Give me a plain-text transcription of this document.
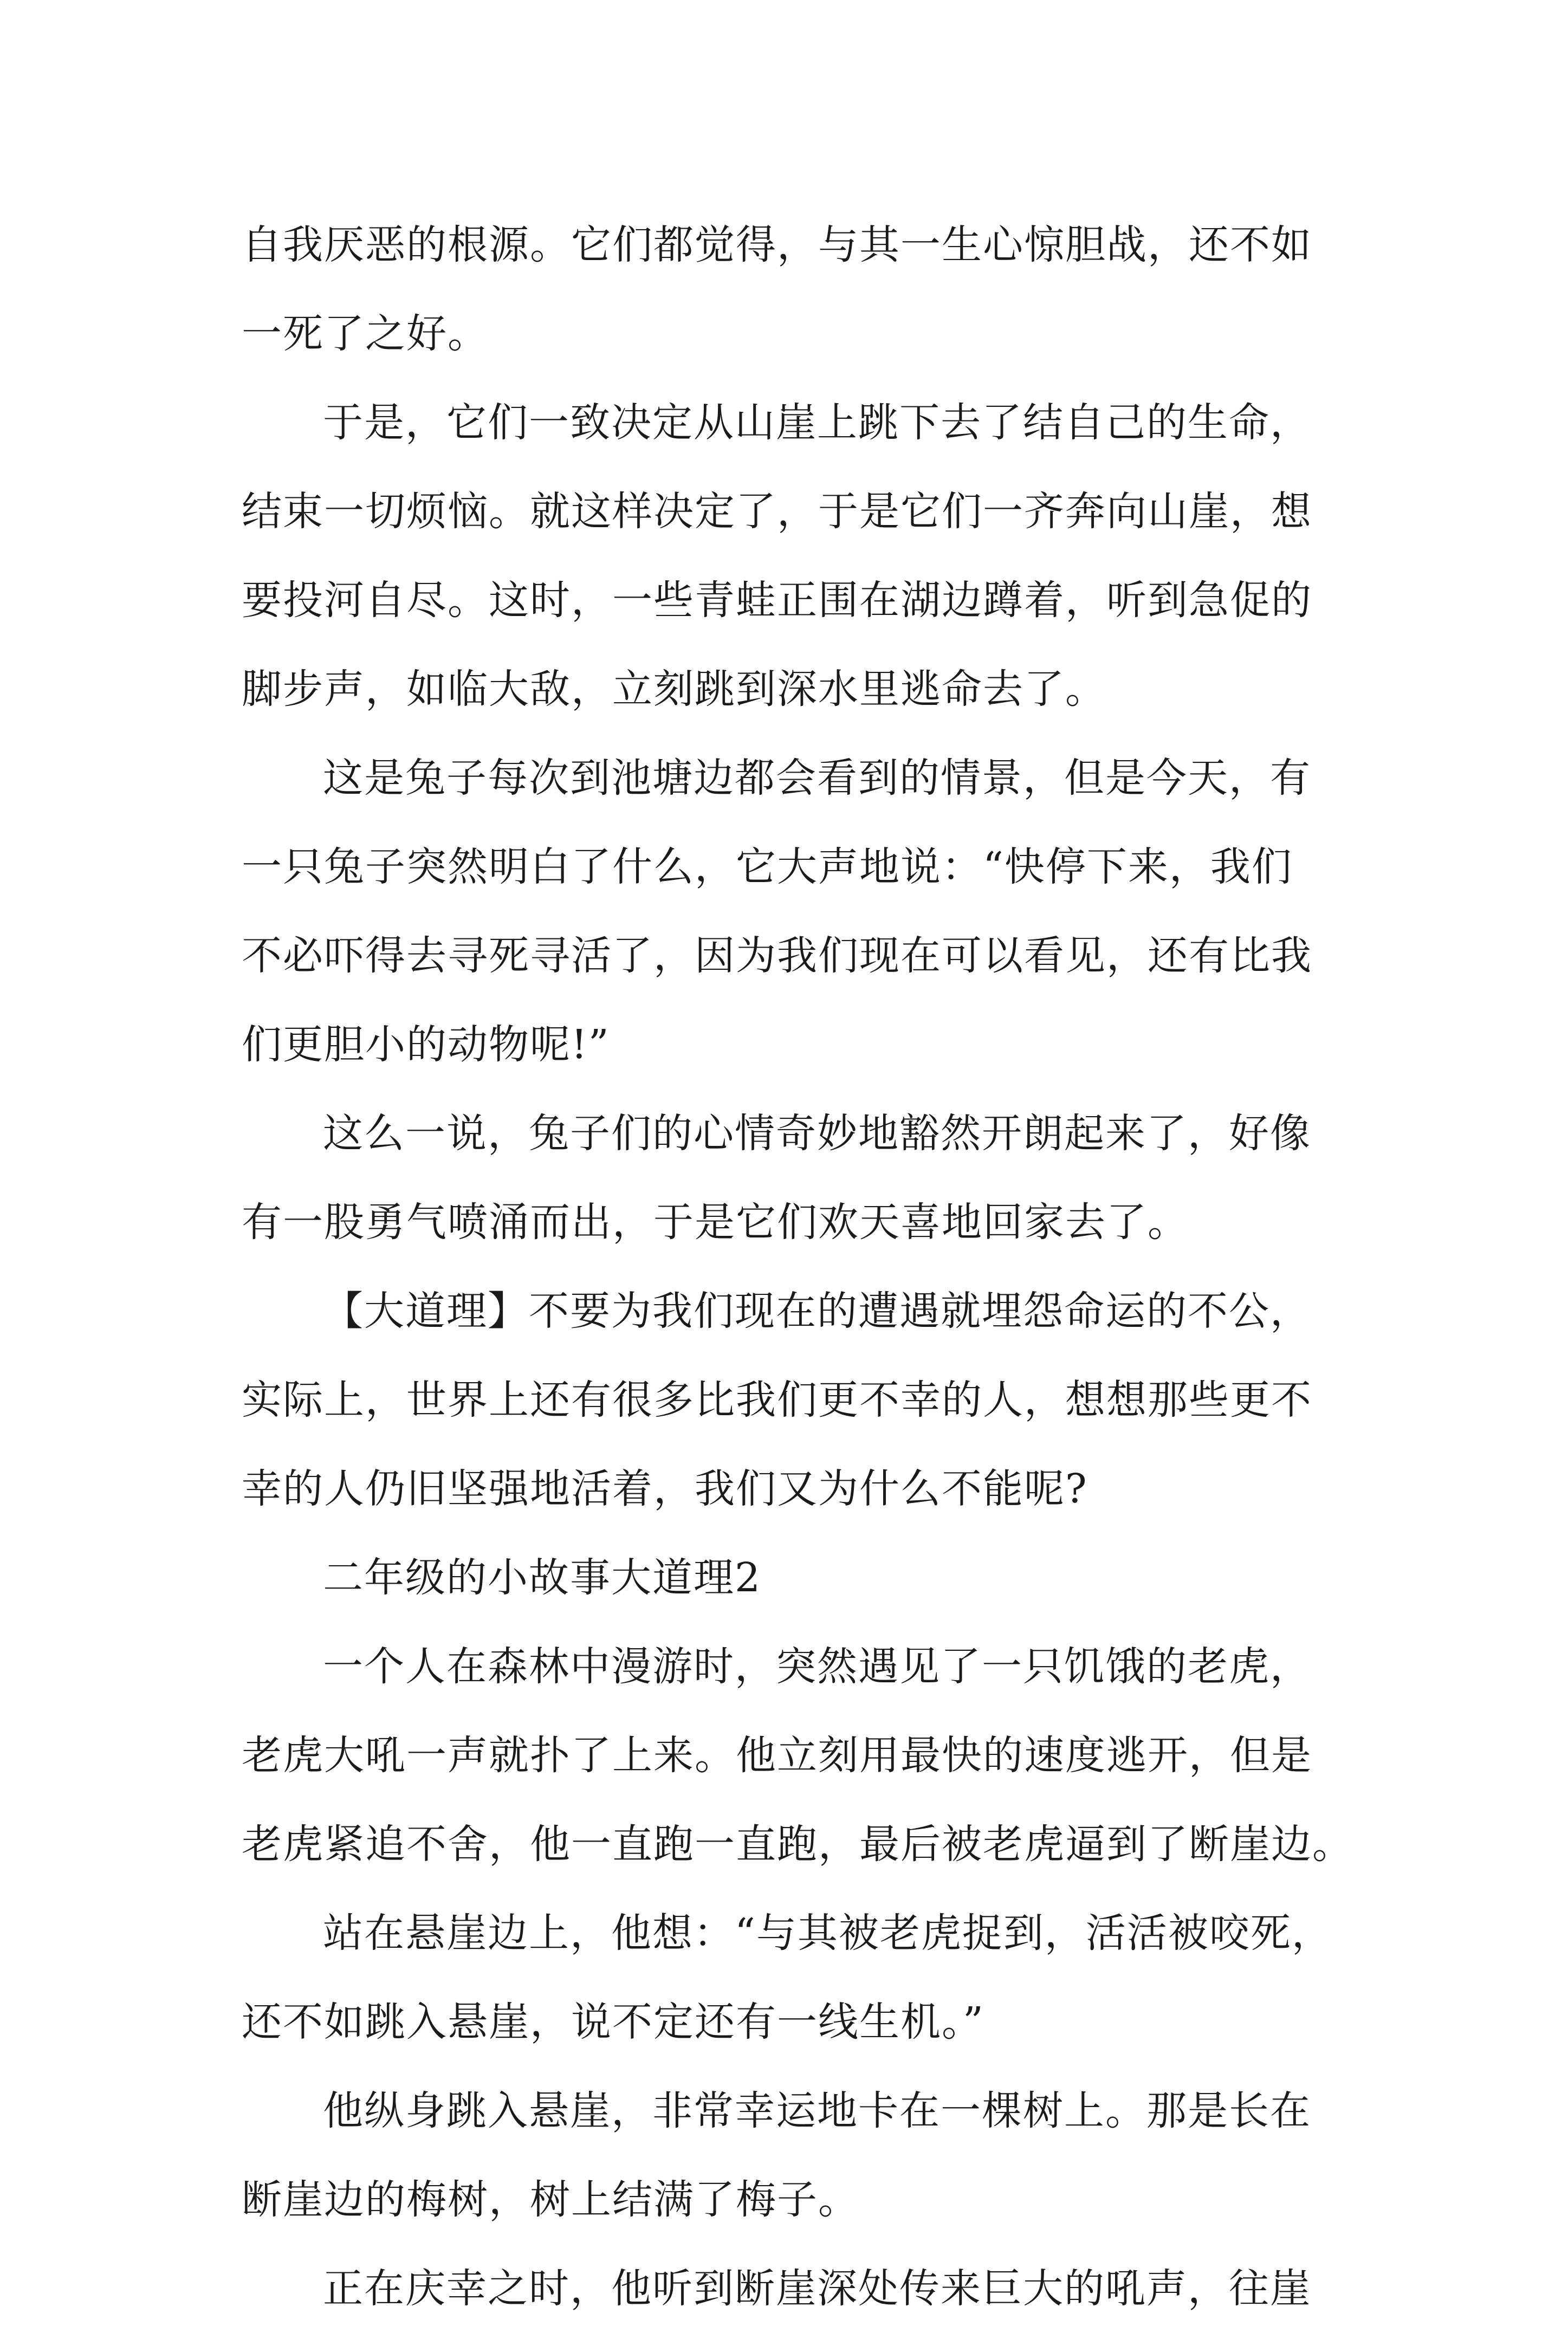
自我厌恶的根源。它们都觉得，与其一生心惊胆战，还不如
一死了之好。
于是，它们一致决定从山崖上跳下去了结自己的生命，
结束一切烦恼。就这样决定了，于是它们一齐奔向山崖，想
要投河自尽。这时，一些青蛙正围在湖边蹲着，听到急促的
脚步声，如临大敌，立刻跳到深水里逃命去了。
这是兔子每次到池塘边都会看到的情景，但是今天，有
一只兔子突然明白了什么，它大声地说：“快停下来，我们
不必吓得去寻死寻活了，因为我们现在可以看见，还有比我
们更胆小的动物呢!”
这么一说，兔子们的心情奇妙地豁然开朗起来了，好像
有一股勇气喷涌而出，于是它们欢天喜地回家去了。
【大道理】不要为我们现在的遭遇就埋怨命运的不公，
实际上，世界上还有很多比我们更不幸的人，想想那些更不
幸的人仍旧坚强地活着，我们又为什么不能呢?
二年级的小故事大道理2
一个人在森林中漫游时，突然遇见了一只饥饿的老虎，
老虎大吼一声就扑了上来。他立刻用最快的速度逃开，但是
老虎紧追不舍，他一直跑一直跑，最后被老虎逼到了断崖边。
站在悬崖边上，他想：“与其被老虎捉到，活活被咬死，
还不如跳入悬崖，说不定还有一线生机。”
他纵身跳入悬崖，非常幸运地卡在一棵树上。那是长在
断崖边的梅树，树上结满了梅子。
正在庆幸之时，他听到断崖深处传来巨大的吼声，往崖
